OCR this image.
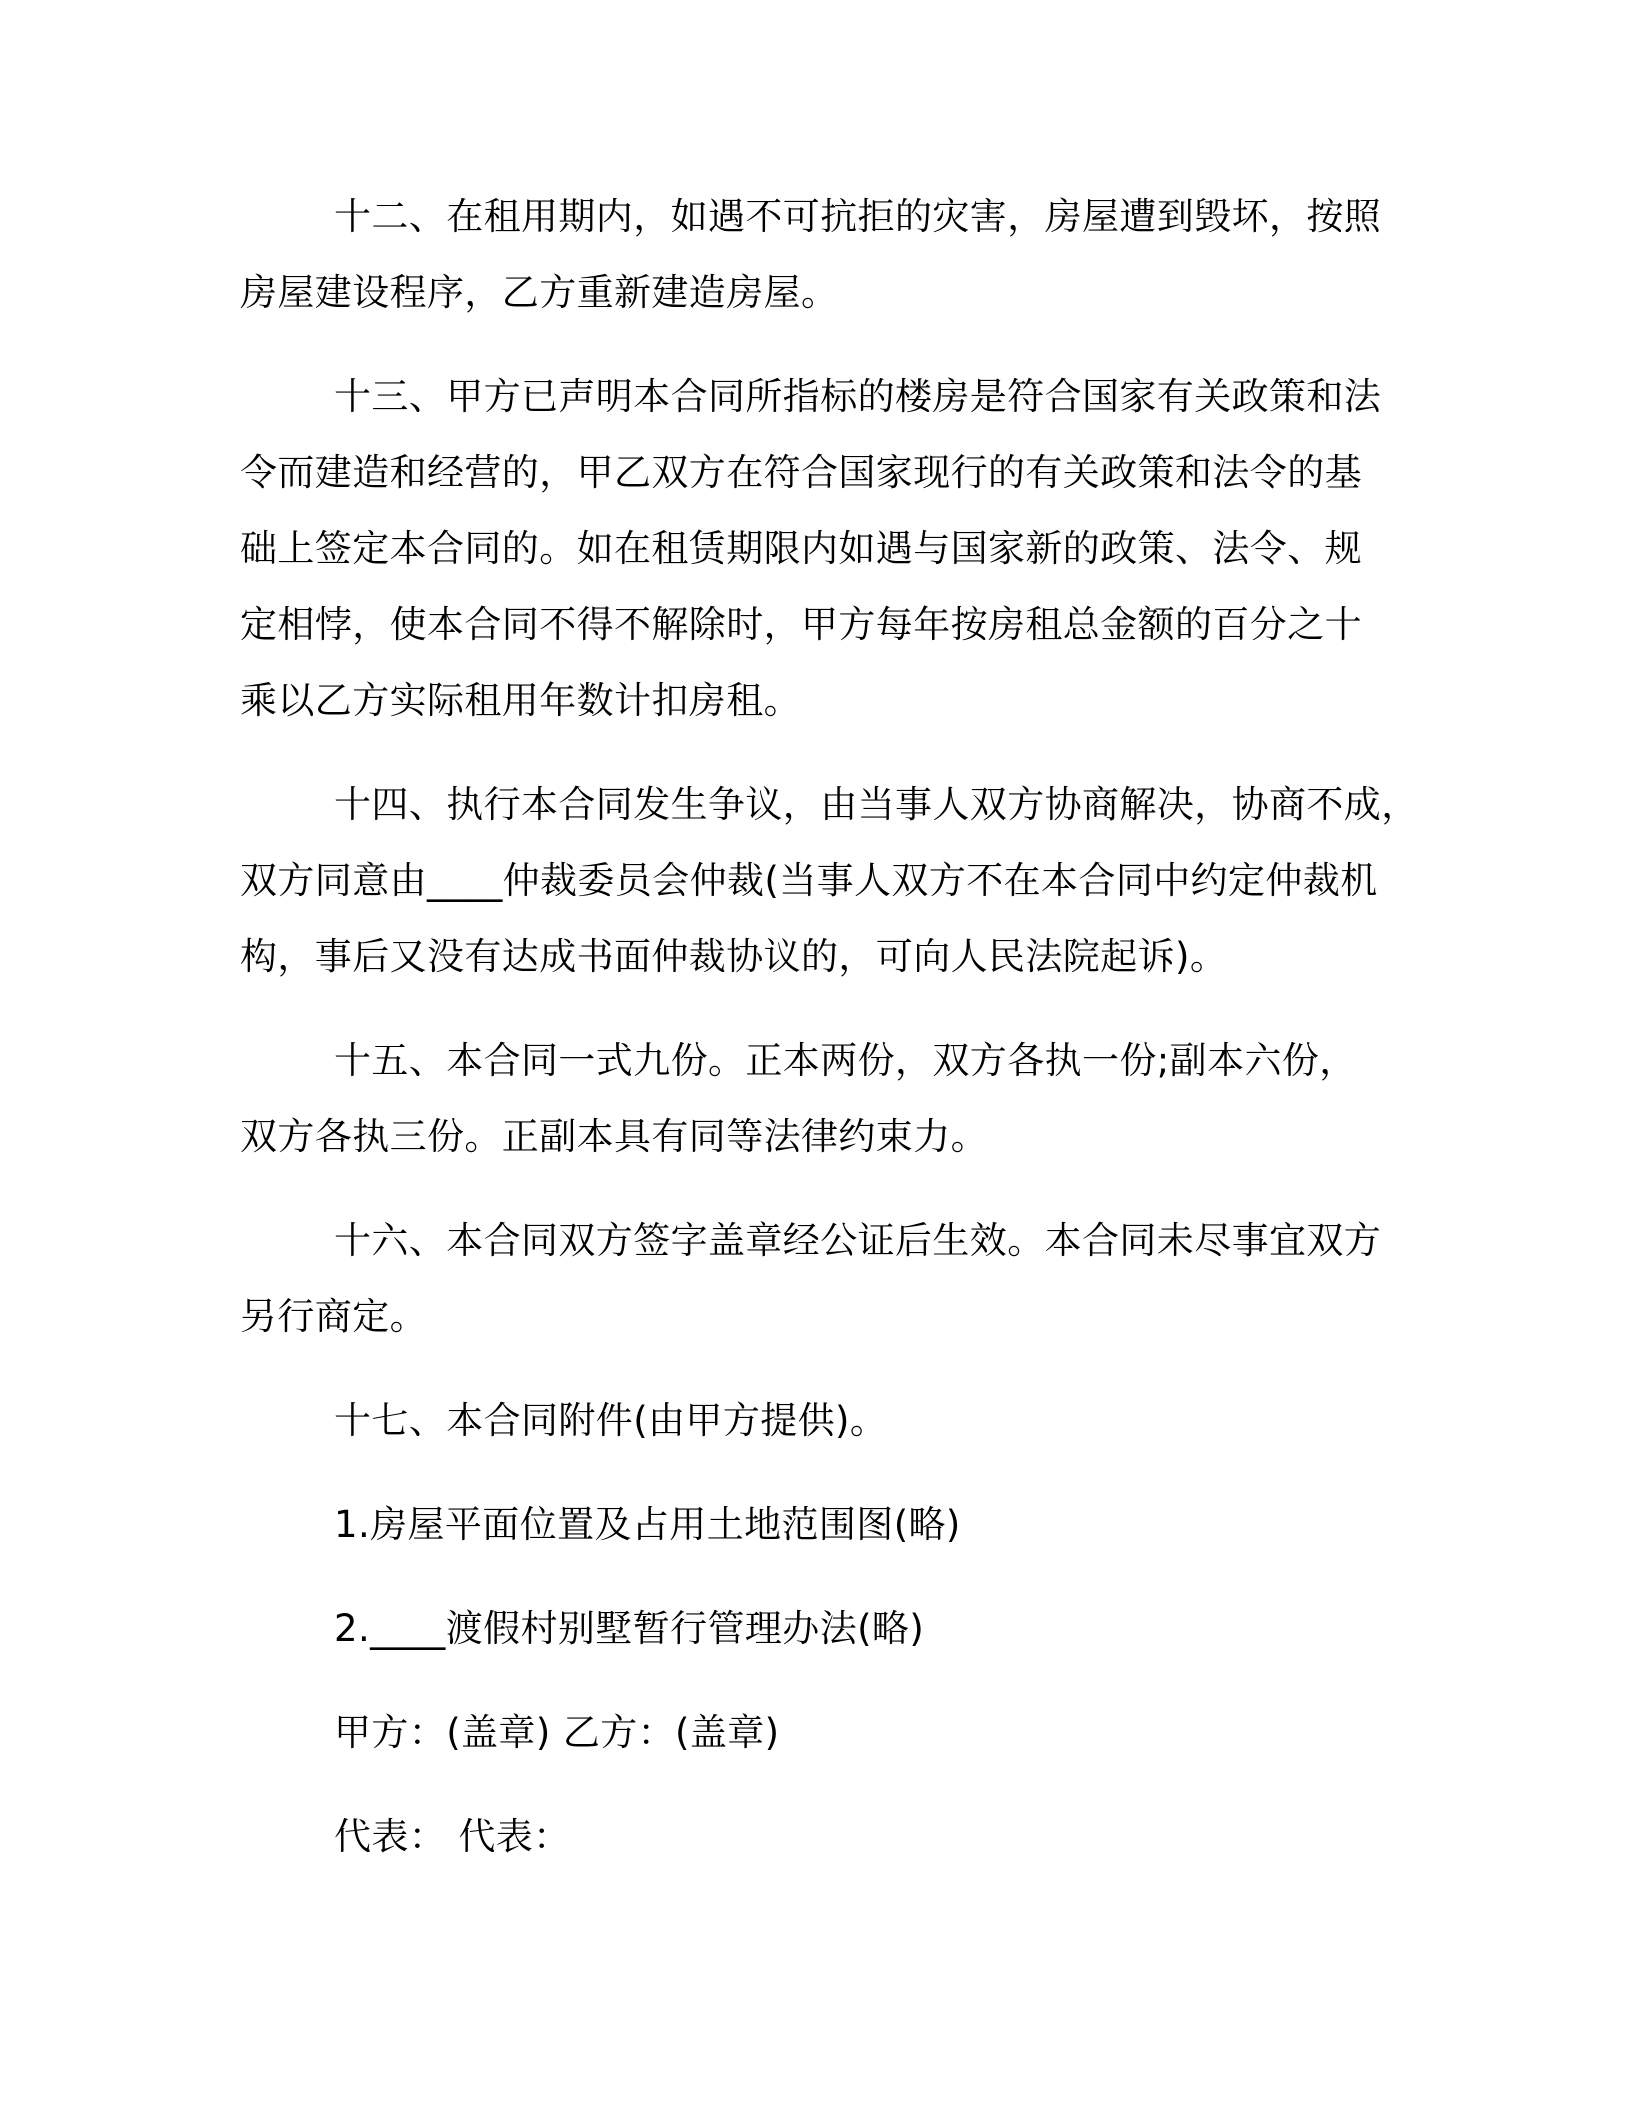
十二、在租用期内，如遇不可抗拒的灾害，房屋遭到毁坏，按照
房屋建设程序，乙方重新建造房屋。
十三、甲方已声明本合同所指标的楼房是符合国家有关政策和法
令而建造和经营的，甲乙双方在符合国家现行的有关政策和法令的基
础上签定本合同的。如在租赁期限内如遇与国家新的政策、法令、规
定相悖，使本合同不得不解除时，甲方每年按房租总金额的百分之十
乘以乙方实际租用年数计扣房租。
十四、执行本合同发生争议，由当事人双方协商解决，协商不成，
双方同意由____仲裁委员会仲裁(当事人双方不在本合同中约定仲裁机
构，事后又没有达成书面仲裁协议的，可向人民法院起诉)。
十五、本合同一式九份。正本两份，双方各执一份;副本六份，
双方各执三份。正副本具有同等法律约束力。
十六、本合同双方签字盖章经公证后生效。本合同未尽事宜双方
另行商定。
十七、本合同附件(由甲方提供)。
1.房屋平面位置及占用土地范围图(略)
2.____渡假村别墅暂行管理办法(略)
甲方：(盖章) 乙方：(盖章)
代表： 代表：
